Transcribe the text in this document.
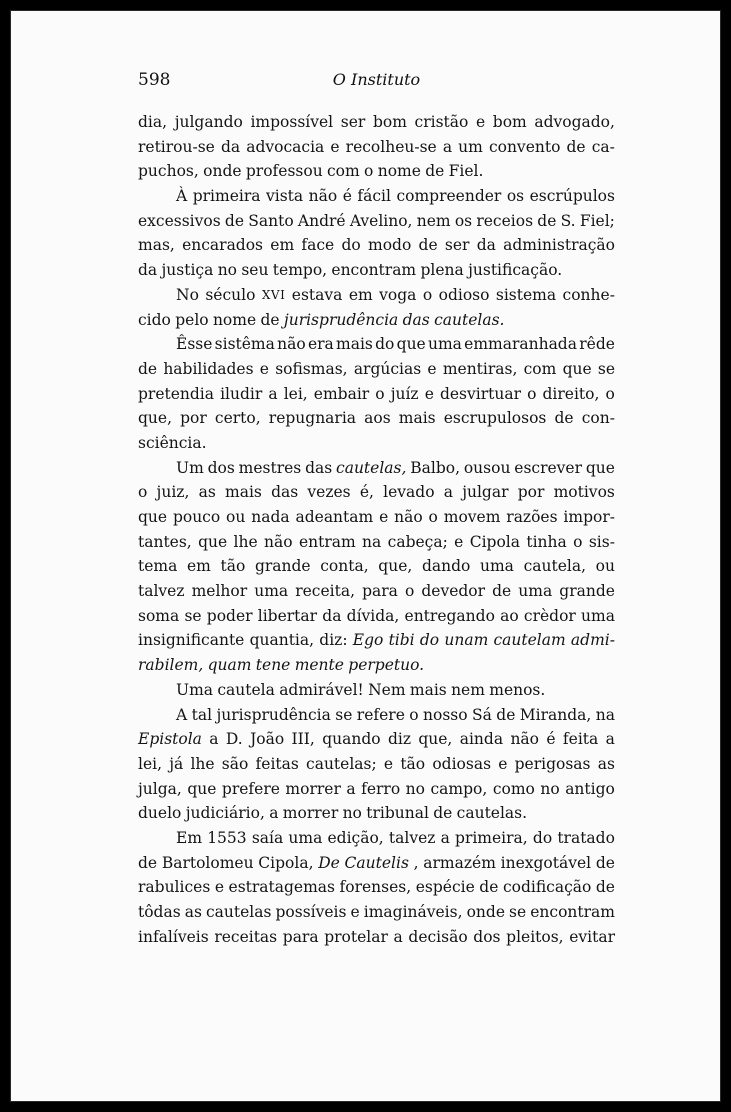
598	O Instituto
dia, julgando impossível ser bom cristão e bom advogado,
retirou-se da advocacia e recolheu-se a um convento de ca-
puchos, onde professou com o nome de Fiel.
À primeira vista não é fácil compreender os escrúpulos
excessivos de Santo André Avelino, nem os receios de S. Fiel;
mas, encarados em face do modo de ser da administração
da justiça no seu tempo, encontram plena justificação.
No século XVI estava em voga o odioso sistema conhe-
cido pelo nome de jurisprudência das cautelas.
Êsse sistêma não era mais do que uma emmaranhada rêde
de habilidades e sofismas, argúcias e mentiras, com que se
pretendia iludir a lei, embair o juíz e desvirtuar o direito, o
que, por certo, repugnaria aos mais escrupulosos de con-
sciência.
Um dos mestres das cautelas, Balbo, ousou escrever que
o juiz, as mais das vezes é, levado a julgar por motivos
que pouco ou nada adeantam e não o movem razões impor-
tantes, que lhe não entram na cabeça; e Cipola tinha o sis-
tema em tão grande conta, que, dando uma cautela, ou
talvez melhor uma receita, para o devedor de uma grande
soma se poder libertar da dívida, entregando ao crèdor uma
insignificante quantia, diz: Ego tibi do unam cautelam admi-
rabilem, quam tene mente perpetuo.
Uma cautela admirável! Nem mais nem menos.
A tal jurisprudência se refere o nosso Sá de Miranda, na
Epistola a D. João III, quando diz que, ainda não é feita a
lei, já lhe são feitas cautelas; e tão odiosas e perigosas as
julga, que prefere morrer a ferro no campo, como no antigo
duelo judiciário, a morrer no tribunal de cautelas.
Em 1553 saía uma edição, talvez a primeira, do tratado
de Bartolomeu Cipola, De Cautelis , armazém inexgotável de
rabulices e estratagemas forenses, espécie de codificação de
tôdas as cautelas possíveis e imagináveis, onde se encontram
infalíveis receitas para protelar a decisão dos pleitos, evitar
